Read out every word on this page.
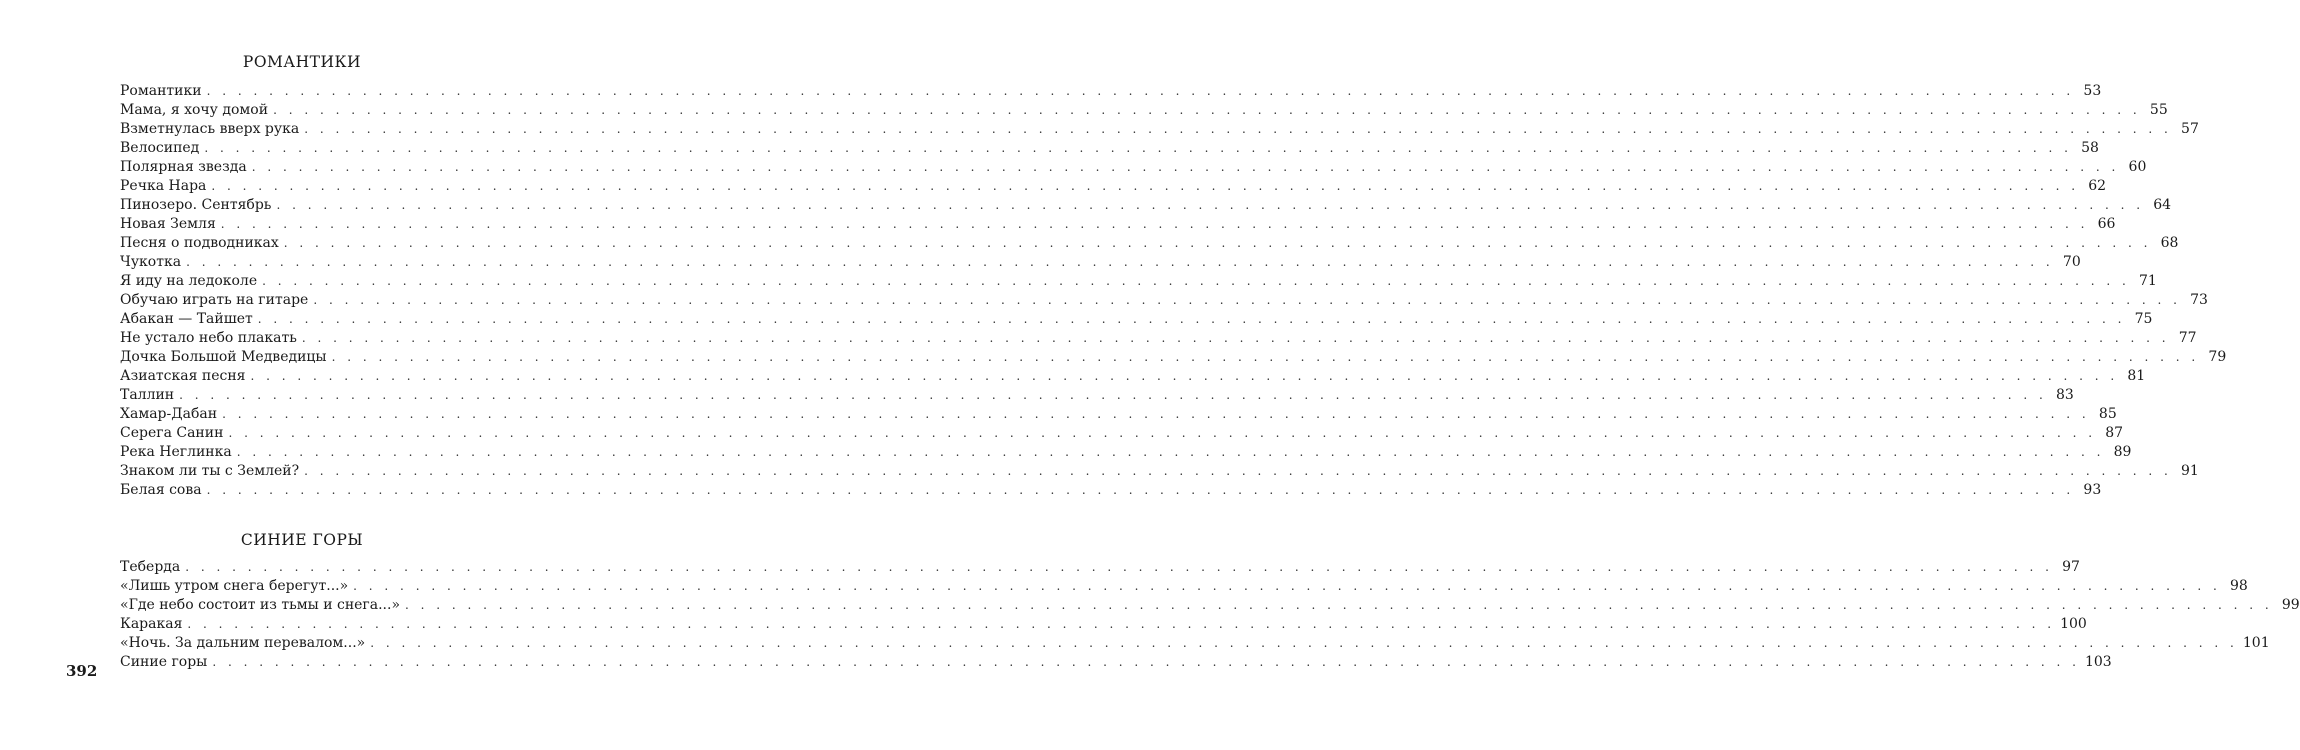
РОМАНТИКИ
Романтики . . . . . . . . . . . . . . . . . . . . . . . . . . . . . . . . . . . . . . . . . . . . . . . . . . . . . . . . . . . . . . . . . . . . . . . . . . . . . . . . . . . . . . . . . . . . . . . . . . . . . . . . . . . . . . . . . . . . . . . . 53
Мама, я хочу домой . . . . . . . . . . . . . . . . . . . . . . . . . . . . . . . . . . . . . . . . . . . . . . . . . . . . . . . . . . . . . . . . . . . . . . . . . . . . . . . . . . . . . . . . . . . . . . . . . . . . . . . . . . . . . . . . . . . . . . . . 55
Взметнулась вверх рука . . . . . . . . . . . . . . . . . . . . . . . . . . . . . . . . . . . . . . . . . . . . . . . . . . . . . . . . . . . . . . . . . . . . . . . . . . . . . . . . . . . . . . . . . . . . . . . . . . . . . . . . . . . . . . . . . . . . . . . . 57
Велосипед . . . . . . . . . . . . . . . . . . . . . . . . . . . . . . . . . . . . . . . . . . . . . . . . . . . . . . . . . . . . . . . . . . . . . . . . . . . . . . . . . . . . . . . . . . . . . . . . . . . . . . . . . . . . . . . . . . . . . . . . 58
Полярная звезда . . . . . . . . . . . . . . . . . . . . . . . . . . . . . . . . . . . . . . . . . . . . . . . . . . . . . . . . . . . . . . . . . . . . . . . . . . . . . . . . . . . . . . . . . . . . . . . . . . . . . . . . . . . . . . . . . . . . . . . . 60
Речка Нара . . . . . . . . . . . . . . . . . . . . . . . . . . . . . . . . . . . . . . . . . . . . . . . . . . . . . . . . . . . . . . . . . . . . . . . . . . . . . . . . . . . . . . . . . . . . . . . . . . . . . . . . . . . . . . . . . . . . . . . . 62
Пинозеро. Сентябрь . . . . . . . . . . . . . . . . . . . . . . . . . . . . . . . . . . . . . . . . . . . . . . . . . . . . . . . . . . . . . . . . . . . . . . . . . . . . . . . . . . . . . . . . . . . . . . . . . . . . . . . . . . . . . . . . . . . . . . . . 64
Новая Земля . . . . . . . . . . . . . . . . . . . . . . . . . . . . . . . . . . . . . . . . . . . . . . . . . . . . . . . . . . . . . . . . . . . . . . . . . . . . . . . . . . . . . . . . . . . . . . . . . . . . . . . . . . . . . . . . . . . . . . . . 66
Песня о подводниках . . . . . . . . . . . . . . . . . . . . . . . . . . . . . . . . . . . . . . . . . . . . . . . . . . . . . . . . . . . . . . . . . . . . . . . . . . . . . . . . . . . . . . . . . . . . . . . . . . . . . . . . . . . . . . . . . . . . . . . . 68
Чукотка . . . . . . . . . . . . . . . . . . . . . . . . . . . . . . . . . . . . . . . . . . . . . . . . . . . . . . . . . . . . . . . . . . . . . . . . . . . . . . . . . . . . . . . . . . . . . . . . . . . . . . . . . . . . . . . . . . . . . . . . 70
Я иду на ледоколе . . . . . . . . . . . . . . . . . . . . . . . . . . . . . . . . . . . . . . . . . . . . . . . . . . . . . . . . . . . . . . . . . . . . . . . . . . . . . . . . . . . . . . . . . . . . . . . . . . . . . . . . . . . . . . . . . . . . . . . . 71
Обучаю играть на гитаре . . . . . . . . . . . . . . . . . . . . . . . . . . . . . . . . . . . . . . . . . . . . . . . . . . . . . . . . . . . . . . . . . . . . . . . . . . . . . . . . . . . . . . . . . . . . . . . . . . . . . . . . . . . . . . . . . . . . . . . . 73
Абакан — Тайшет . . . . . . . . . . . . . . . . . . . . . . . . . . . . . . . . . . . . . . . . . . . . . . . . . . . . . . . . . . . . . . . . . . . . . . . . . . . . . . . . . . . . . . . . . . . . . . . . . . . . . . . . . . . . . . . . . . . . . . . . 75
Не устало небо плакать . . . . . . . . . . . . . . . . . . . . . . . . . . . . . . . . . . . . . . . . . . . . . . . . . . . . . . . . . . . . . . . . . . . . . . . . . . . . . . . . . . . . . . . . . . . . . . . . . . . . . . . . . . . . . . . . . . . . . . . . 77
Дочка Большой Медведицы . . . . . . . . . . . . . . . . . . . . . . . . . . . . . . . . . . . . . . . . . . . . . . . . . . . . . . . . . . . . . . . . . . . . . . . . . . . . . . . . . . . . . . . . . . . . . . . . . . . . . . . . . . . . . . . . . . . . . . . . 79
Азиатская песня . . . . . . . . . . . . . . . . . . . . . . . . . . . . . . . . . . . . . . . . . . . . . . . . . . . . . . . . . . . . . . . . . . . . . . . . . . . . . . . . . . . . . . . . . . . . . . . . . . . . . . . . . . . . . . . . . . . . . . . . 81
Таллин . . . . . . . . . . . . . . . . . . . . . . . . . . . . . . . . . . . . . . . . . . . . . . . . . . . . . . . . . . . . . . . . . . . . . . . . . . . . . . . . . . . . . . . . . . . . . . . . . . . . . . . . . . . . . . . . . . . . . . . . 83
Хамар-Дабан . . . . . . . . . . . . . . . . . . . . . . . . . . . . . . . . . . . . . . . . . . . . . . . . . . . . . . . . . . . . . . . . . . . . . . . . . . . . . . . . . . . . . . . . . . . . . . . . . . . . . . . . . . . . . . . . . . . . . . . . 85
Серега Санин . . . . . . . . . . . . . . . . . . . . . . . . . . . . . . . . . . . . . . . . . . . . . . . . . . . . . . . . . . . . . . . . . . . . . . . . . . . . . . . . . . . . . . . . . . . . . . . . . . . . . . . . . . . . . . . . . . . . . . . . 87
Река Неглинка . . . . . . . . . . . . . . . . . . . . . . . . . . . . . . . . . . . . . . . . . . . . . . . . . . . . . . . . . . . . . . . . . . . . . . . . . . . . . . . . . . . . . . . . . . . . . . . . . . . . . . . . . . . . . . . . . . . . . . . . 89
Знаком ли ты с Землей? . . . . . . . . . . . . . . . . . . . . . . . . . . . . . . . . . . . . . . . . . . . . . . . . . . . . . . . . . . . . . . . . . . . . . . . . . . . . . . . . . . . . . . . . . . . . . . . . . . . . . . . . . . . . . . . . . . . . . . . . 91
Белая сова . . . . . . . . . . . . . . . . . . . . . . . . . . . . . . . . . . . . . . . . . . . . . . . . . . . . . . . . . . . . . . . . . . . . . . . . . . . . . . . . . . . . . . . . . . . . . . . . . . . . . . . . . . . . . . . . . . . . . . . . 93
СИНИЕ ГОРЫ
Теберда . . . . . . . . . . . . . . . . . . . . . . . . . . . . . . . . . . . . . . . . . . . . . . . . . . . . . . . . . . . . . . . . . . . . . . . . . . . . . . . . . . . . . . . . . . . . . . . . . . . . . . . . . . . . . . . . . . . . . . . . 97
«Лишь утром снега берегут...» . . . . . . . . . . . . . . . . . . . . . . . . . . . . . . . . . . . . . . . . . . . . . . . . . . . . . . . . . . . . . . . . . . . . . . . . . . . . . . . . . . . . . . . . . . . . . . . . . . . . . . . . . . . . . . . . . . . . . . . . 98
«Где небо состоит из тьмы и снега...» . . . . . . . . . . . . . . . . . . . . . . . . . . . . . . . . . . . . . . . . . . . . . . . . . . . . . . . . . . . . . . . . . . . . . . . . . . . . . . . . . . . . . . . . . . . . . . . . . . . . . . . . . . . . . . . . . . . . . . . . 99
Каракая . . . . . . . . . . . . . . . . . . . . . . . . . . . . . . . . . . . . . . . . . . . . . . . . . . . . . . . . . . . . . . . . . . . . . . . . . . . . . . . . . . . . . . . . . . . . . . . . . . . . . . . . . . . . . . . . . . . . . . . . 100
«Ночь. За дальним перевалом...» . . . . . . . . . . . . . . . . . . . . . . . . . . . . . . . . . . . . . . . . . . . . . . . . . . . . . . . . . . . . . . . . . . . . . . . . . . . . . . . . . . . . . . . . . . . . . . . . . . . . . . . . . . . . . . . . . . . . . . . . 101
Синие горы . . . . . . . . . . . . . . . . . . . . . . . . . . . . . . . . . . . . . . . . . . . . . . . . . . . . . . . . . . . . . . . . . . . . . . . . . . . . . . . . . . . . . . . . . . . . . . . . . . . . . . . . . . . . . . . . . . . . . . . . 103
392
